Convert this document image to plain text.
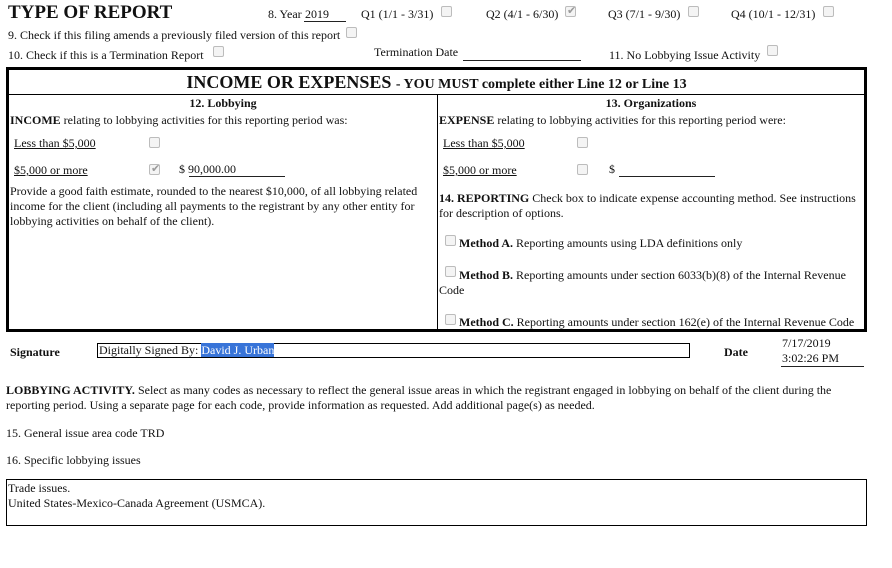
TYPE OF REPORT	8. Year 2019	Q1 (1/1 - 3/31)	Q2 (4/1 - 6/30) ✔	Q3 (7/1 - 9/30)	Q4 (10/1 - 12/31)
9. Check if this filing amends a previously filed version of this report
10. Check if this is a Termination Report	Termination Date	11. No Lobbying Issue Activity
INCOME OR EXPENSES - YOU MUST complete either Line 12 or Line 13
12. Lobbying
INCOME relating to lobbying activities for this reporting period was:
Less than $5,000
$5,000 or more ✔	$ 90,000.00
Provide a good faith estimate, rounded to the nearest $10,000, of all lobbying related income for the client (including all payments to the registrant by any other entity for lobbying activities on behalf of the client).
13. Organizations
EXPENSE relating to lobbying activities for this reporting period were:
Less than $5,000
$5,000 or more	$
14. REPORTING Check box to indicate expense accounting method. See instructions for description of options.
Method A. Reporting amounts using LDA definitions only
Method B. Reporting amounts under section 6033(b)(8) of the Internal Revenue Code
Method C. Reporting amounts under section 162(e) of the Internal Revenue Code
Signature	Digitally Signed By: David J. Urban	Date
7/17/2019
3:02:26 PM
LOBBYING ACTIVITY. Select as many codes as necessary to reflect the general issue areas in which the registrant engaged in lobbying on behalf of the client during the reporting period. Using a separate page for each code, provide information as requested. Add additional page(s) as needed.
15. General issue area code TRD
16. Specific lobbying issues
Trade issues.
United States-Mexico-Canada Agreement (USMCA).
